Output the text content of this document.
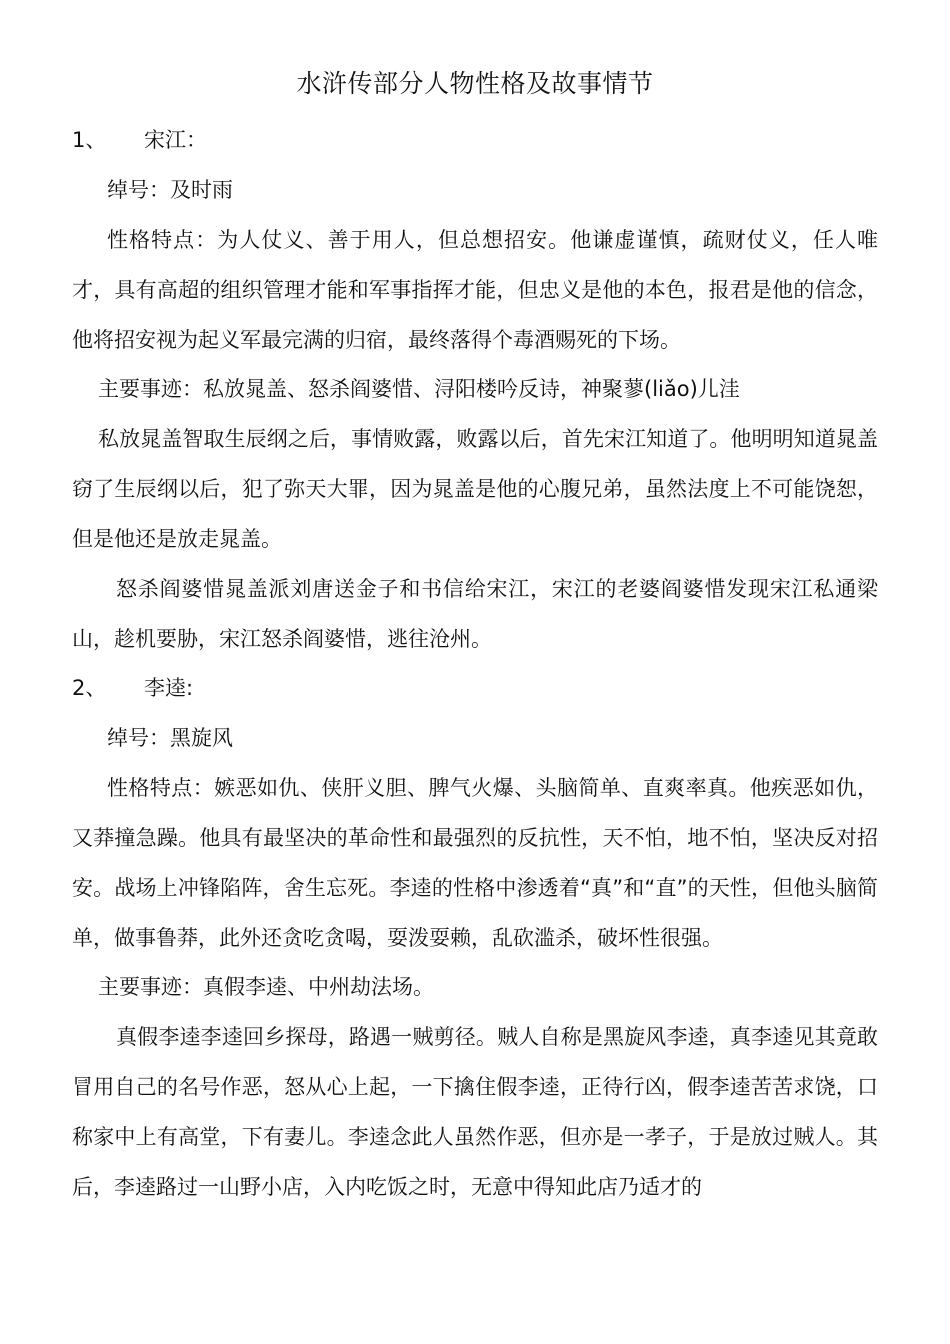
水浒传部分人物性格及故事情节
1、 宋江：
绰号：及时雨
性格特点：为人仗义、善于用人，但总想招安。他谦虚谨慎，疏财仗义，任人唯才，具有高超的组织管理才能和军事指挥才能，但忠义是他的本色，报君是他的信念，他将招安视为起义军最完满的归宿，最终落得个毒酒赐死的下场。
主要事迹：私放晁盖、怒杀阎婆惜、浔阳楼吟反诗，神聚蓼(liǎo)儿洼
私放晁盖智取生辰纲之后，事情败露，败露以后，首先宋江知道了。他明明知道晁盖窃了生辰纲以后，犯了弥天大罪，因为晁盖是他的心腹兄弟，虽然法度上不可能饶恕，但是他还是放走晁盖。
怒杀阎婆惜晁盖派刘唐送金子和书信给宋江，宋江的老婆阎婆惜发现宋江私通梁山，趁机要胁，宋江怒杀阎婆惜，逃往沧州。
2、 李逵:
绰号：黑旋风
性格特点：嫉恶如仇、侠肝义胆、脾气火爆、头脑简单、直爽率真。他疾恶如仇，又莽撞急躁。他具有最坚决的革命性和最强烈的反抗性，天不怕，地不怕，坚决反对招安。战场上冲锋陷阵，舍生忘死。李逵的性格中渗透着“真”和“直”的天性，但他头脑简单，做事鲁莽，此外还贪吃贪喝，耍泼耍赖，乱砍滥杀，破坏性很强。
主要事迹：真假李逵、中州劫法场。
真假李逵李逵回乡探母，路遇一贼剪径。贼人自称是黑旋风李逵，真李逵见其竟敢冒用自己的名号作恶，怒从心上起，一下擒住假李逵，正待行凶，假李逵苦苦求饶，口称家中上有高堂，下有妻儿。李逵念此人虽然作恶，但亦是一孝子，于是放过贼人。其后，李逵路过一山野小店，入内吃饭之时，无意中得知此店乃适才的
